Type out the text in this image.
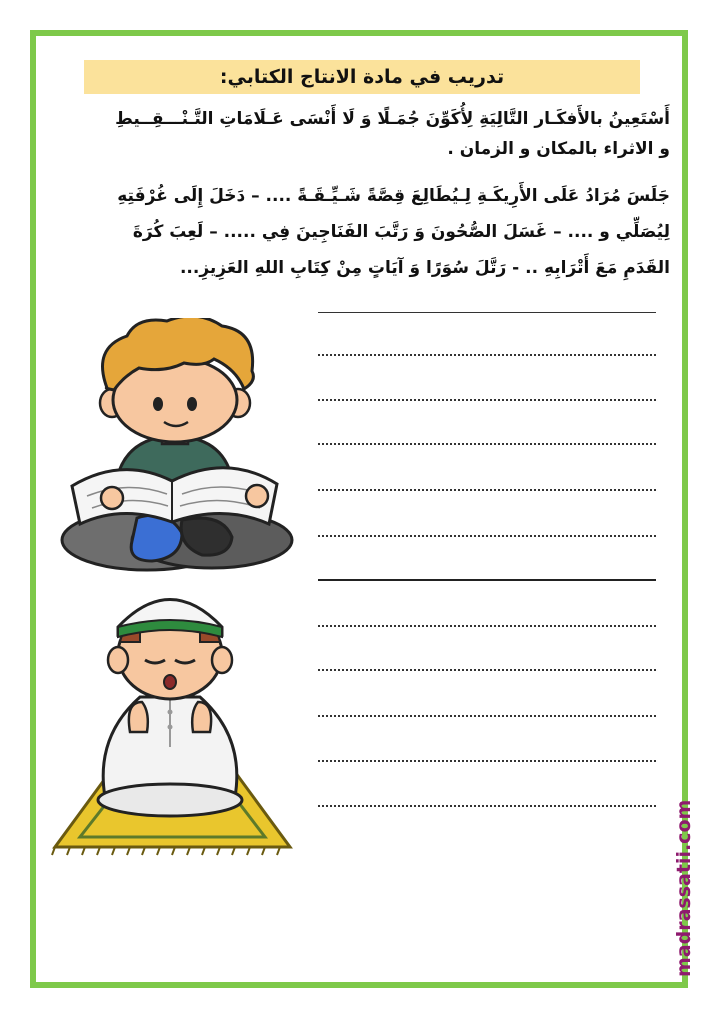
تدريب في مادة الانتاج الكتابي:
أَسْتَعِينُ بالأَفكَـار التَّالِيَةِ لِأُكَوِّنَ جُمَـلًا وَ لَا أَنْسَى عَـلَامَاتِ التَّـنْـــقِــيطِ
و الاثراء بالمكان و الزمان .
جَلَسَ مُرَادُ عَلَى الأَرِيكَـةِ لِـيُطَالِعَ قِصَّةً شَـيِّـقَـةً .... – دَخَلَ إِلَى غُرْفَتِهِ
لِيُصَلِّي و .... – غَسَلَ الصُّحُونَ وَ رَتَّبَ الفَنَاجِينَ فِي ..... – لَعِبَ كُرَةَ
القَدَمِ مَعَ أَتْرَابِهِ .. - رَتَّلَ سُوَرًا وَ آيَاتٍ مِنْ كِتَابِ اللهِ العَزِيزِ...
madrassatii.com
